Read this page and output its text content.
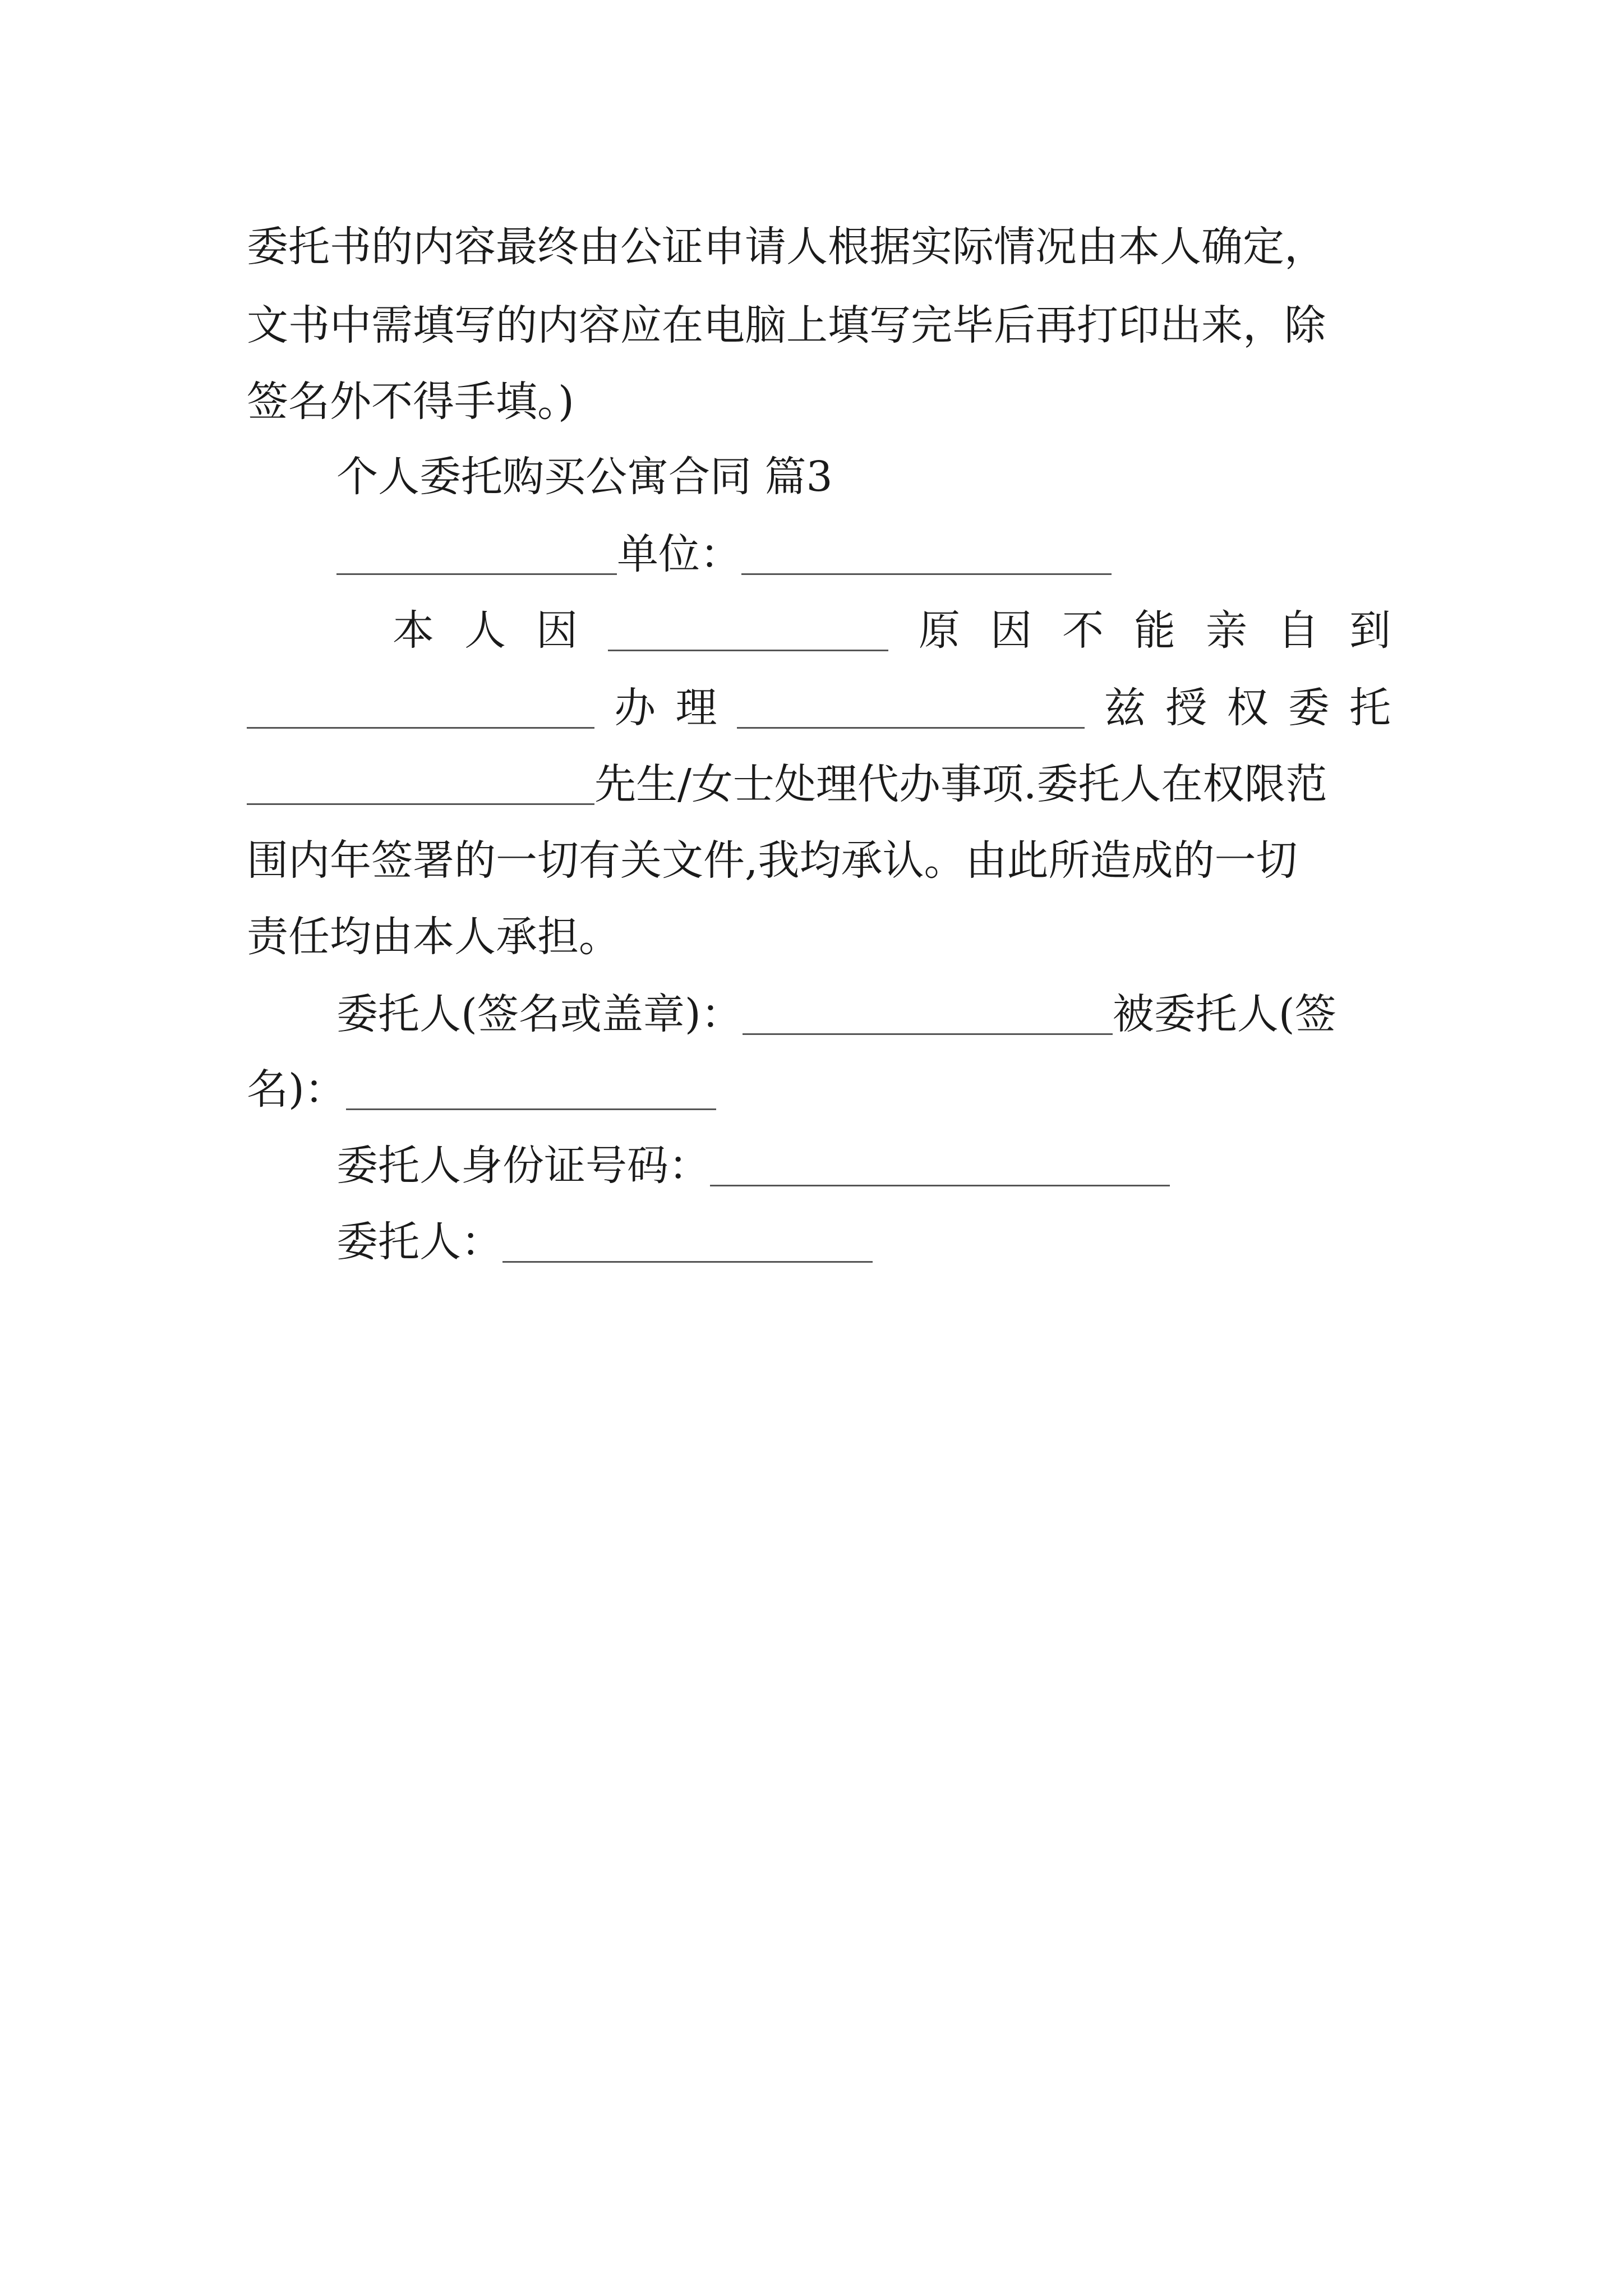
委托书的内容最终由公证申请人根据实际情况由本人确定，
文书中需填写的内容应在电脑上填写完毕后再打印出来，除
签名外不得手填。)
个人委托购买公寓合同 篇3
单位：
本 人 因	原 因 不 能 亲 自 到
办 理	兹 授 权 委 托
先生/女士处理代办事项.委托人在权限范
围内年签署的一切有关文件,我均承认。由此所造成的一切
责任均由本人承担。
委托人(签名或盖章)：	被委托人(签
名)：
委托人身份证号码：
委托人：
